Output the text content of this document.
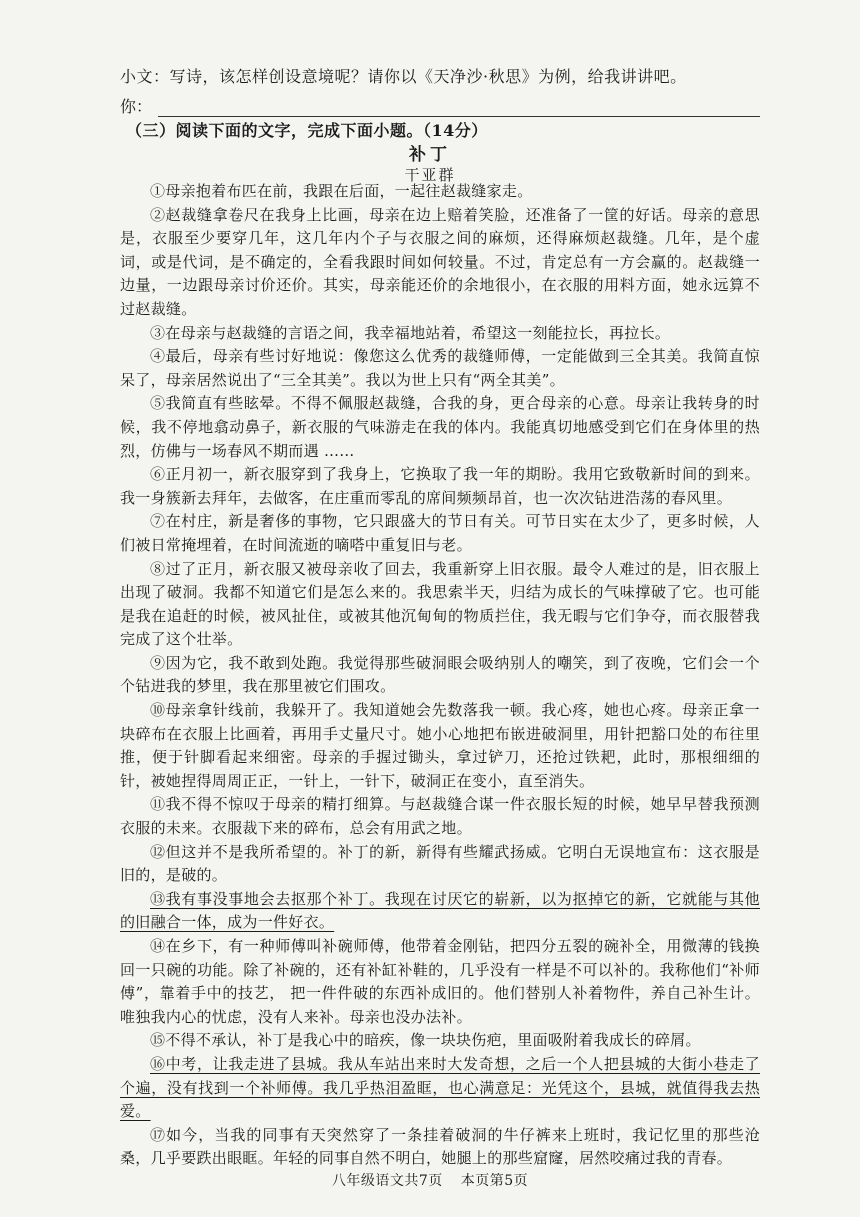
小文：写诗，该怎样创设意境呢？请你以《天净沙·秋思》为例，给我讲讲吧。
你：
（三）阅读下面的文字，完成下面小题。（14分）
补丁
干亚群

①母亲抱着布匹在前，我跟在后面，一起往赵裁缝家走。

②赵裁缝拿卷尺在我身上比画，母亲在边上赔着笑脸，还准备了一筐的好话。母亲的意思是，衣服至少要穿几年，这几年内个子与衣服之间的麻烦，还得麻烦赵裁缝。几年，是个虚词，或是代词，是不确定的，全看我跟时间如何较量。不过，肯定总有一方会赢的。赵裁缝一边量，一边跟母亲讨价还价。其实，母亲能还价的余地很小，在衣服的用料方面，她永远算不过赵裁缝。

③在母亲与赵裁缝的言语之间，我幸福地站着，希望这一刻能拉长，再拉长。

④最后，母亲有些讨好地说：像您这么优秀的裁缝师傅，一定能做到三全其美。我简直惊呆了，母亲居然说出了“三全其美”。我以为世上只有“两全其美”。

⑤我简直有些眩晕。不得不佩服赵裁缝，合我的身，更合母亲的心意。母亲让我转身的时候，我不停地翕动鼻子，新衣服的气味游走在我的体内。我能真切地感受到它们在身体里的热烈，仿佛与一场春风不期而遇 ……

⑥正月初一，新衣服穿到了我身上，它换取了我一年的期盼。我用它致敬新时间的到来。我一身簇新去拜年，去做客，在庄重而零乱的席间频频昂首，也一次次钻进浩荡的春风里。

⑦在村庄，新是奢侈的事物，它只跟盛大的节日有关。可节日实在太少了，更多时候，人们被日常掩埋着，在时间流逝的嘀嗒中重复旧与老。

⑧过了正月，新衣服又被母亲收了回去，我重新穿上旧衣服。最令人难过的是，旧衣服上出现了破洞。我都不知道它们是怎么来的。我思索半天，归结为成长的气味撑破了它。也可能是我在追赶的时候，被风扯住，或被其他沉甸甸的物质拦住，我无暇与它们争夺，而衣服替我完成了这个壮举。

⑨因为它，我不敢到处跑。我觉得那些破洞眼会吸纳别人的嘲笑，到了夜晚，它们会一个个钻进我的梦里，我在那里被它们围攻。

⑩母亲拿针线前，我躲开了。我知道她会先数落我一顿。我心疼，她也心疼。母亲正拿一块碎布在衣服上比画着，再用手丈量尺寸。她小心地把布嵌进破洞里，用针把豁口处的布往里推，便于针脚看起来细密。母亲的手握过锄头，拿过铲刀，还抢过铁耙，此时，那根细细的针，被她捏得周周正正，一针上，一针下，破洞正在变小，直至消失。

⑪我不得不惊叹于母亲的精打细算。与赵裁缝合谋一件衣服长短的时候，她早早替我预测衣服的未来。衣服裁下来的碎布，总会有用武之地。

⑫但这并不是我所希望的。补丁的新，新得有些耀武扬威。它明白无误地宣布：这衣服是旧的，是破的。

⑬我有事没事地会去抠那个补丁。我现在讨厌它的崭新，以为抠掉它的新，它就能与其他的旧融合一体，成为一件好衣。

⑭在乡下，有一种师傅叫补碗师傅，他带着金刚钻，把四分五裂的碗补全，用微薄的钱换回一只碗的功能。除了补碗的，还有补缸补鞋的，几乎没有一样是不可以补的。我称他们“补师傅”，靠着手中的技艺， 把一件件破的东西补成旧的。他们替别人补着物件，养自己补生计。唯独我内心的忧虑，没有人来补。母亲也没办法补。

⑮不得不承认，补丁是我心中的暗疾，像一块块伤疤，里面吸附着我成长的碎屑。

⑯中考，让我走进了县城。我从车站出来时大发奇想，之后一个人把县城的大街小巷走了个遍，没有找到一个补师傅。我几乎热泪盈眶，也心满意足：光凭这个，县城，就值得我去热爱。

⑰如今，当我的同事有天突然穿了一条挂着破洞的牛仔裤来上班时，我记忆里的那些沧桑，几乎要跌出眼眶。年轻的同事自然不明白，她腿上的那些窟窿，居然咬痛过我的青春。

八年级语文共7页 本页第5页
